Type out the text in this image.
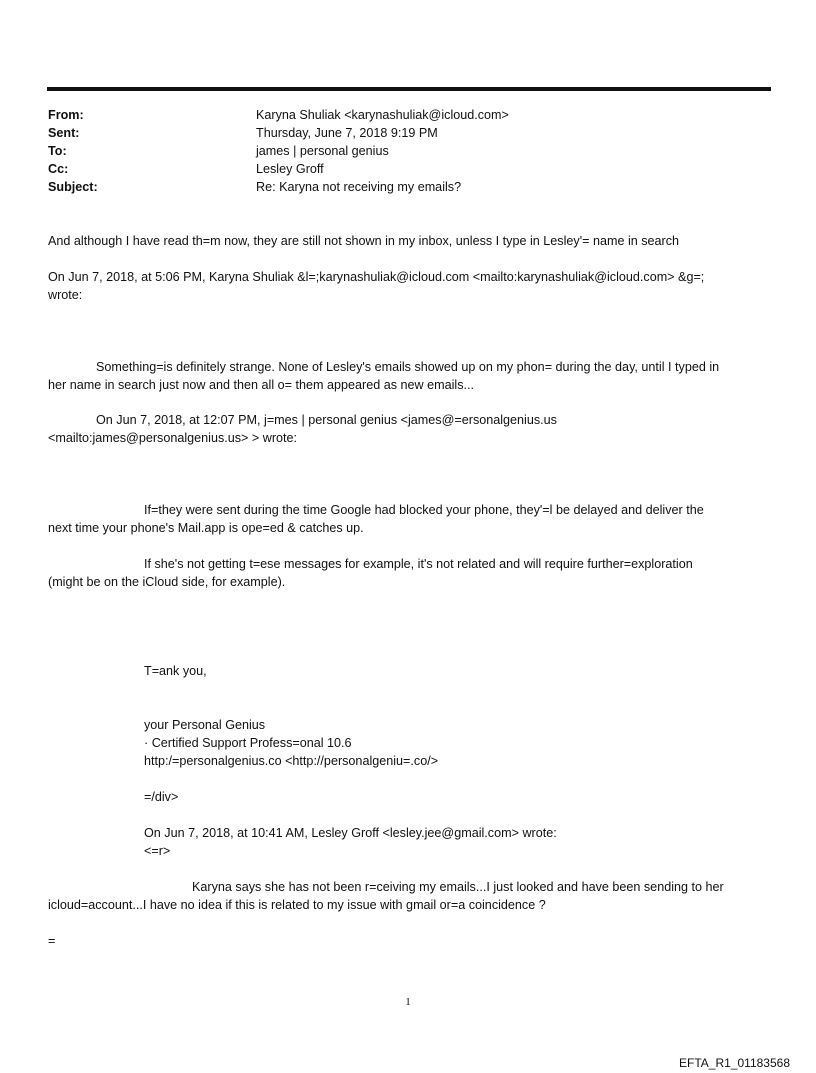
From:	Karyna Shuliak <karynashuliak@icloud.com>
Sent:	Thursday, June 7, 2018 9:19 PM
To:	james | personal genius
Cc:	Lesley Groff
Subject:	Re: Karyna not receiving my emails?
And although I have read th=m now, they are still not shown in my inbox, unless I type in Lesley'= name in search
On Jun 7, 2018, at 5:06 PM, Karyna Shuliak &l=;karynashuliak@icloud.com <mailto:karynashuliak@icloud.com> &g=;
wrote:
Something=is definitely strange. None of Lesley's emails showed up on my phon= during the day, until I typed in
her name in search just now and then all o= them appeared as new emails...
On Jun 7, 2018, at 12:07 PM, j=mes | personal genius <james@=ersonalgenius.us
<mailto:james@personalgenius.us> > wrote:
If=they were sent during the time Google had blocked your phone, they'=l be delayed and deliver the
next time your phone's Mail.app is ope=ed & catches up.
If she's not getting t=ese messages for example, it's not related and will require further=exploration
(might be on the iCloud side, for example).
T=ank you,
your Personal Genius
· Certified Support Profess=onal 10.6
http:/=personalgenius.co <http://personalgeniu=.co/>
=/div>
On Jun 7, 2018, at 10:41 AM, Lesley Groff <lesley.jee@gmail.com> wrote:
<=r>
Karyna says she has not been r=ceiving my emails...I just looked and have been sending to her
icloud=account...I have no idea if this is related to my issue with gmail or=a coincidence ?
=
1
EFTA_R1_01183568
